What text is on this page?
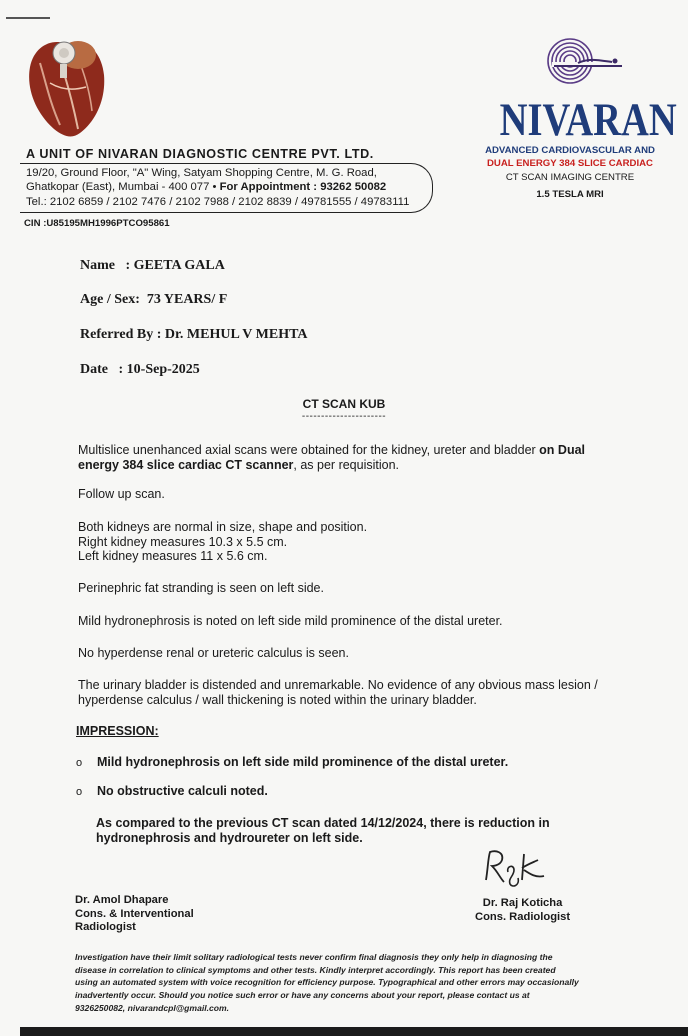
A UNIT OF NIVARAN DIAGNOSTIC CENTRE PVT. LTD.
19/20, Ground Floor, "A" Wing, Satyam Shopping Centre, M. G. Road,
Ghatkopar (East), Mumbai - 400 077 • For Appointment : 93262 50082
Tel.: 2102 6859 / 2102 7476 / 2102 7988 / 2102 8839 / 49781555 / 49783111
CIN :U85195MH1996PTCO95861
NIVARAN
ADVANCED CARDIOVASCULAR AND
DUAL ENERGY 384 SLICE CARDIAC
CT SCAN IMAGING CENTRE
1.5 TESLA MRI
Name   : GEETA GALA
Age / Sex:  73 YEARS/ F
Referred By : Dr. MEHUL V MEHTA
Date   : 10-Sep-2025
CT SCAN KUB
----------------------
Multislice unenhanced axial scans were obtained for the kidney, ureter and bladder on Dual energy 384 slice cardiac CT scanner, as per requisition.
Follow up scan.
Both kidneys are normal in size, shape and position.
Right kidney measures 10.3 x 5.5 cm.
Left kidney measures 11 x 5.6 cm.
Perinephric fat stranding is seen on left side.
Mild hydronephrosis is noted on left side mild prominence of the distal ureter.
No hyperdense renal or ureteric calculus is seen.
The urinary bladder is distended and unremarkable. No evidence of any obvious mass lesion / hyperdense calculus / wall thickening is noted within the urinary bladder.
IMPRESSION:
o Mild hydronephrosis on left side mild prominence of the distal ureter.
o No obstructive calculi noted.
As compared to the previous CT scan dated 14/12/2024, there is reduction in hydronephrosis and hydroureter on left side.
Dr. Amol Dhapare
Cons. & Interventional
Radiologist
Dr. Raj Koticha
Cons. Radiologist
Investigation have their limit solitary radiological tests never confirm final diagnosis they only help in diagnosing the disease in correlation to clinical symptoms and other tests. Kindly interpret accordingly. This report has been created using an automated system with voice recognition for efficiency purpose. Typographical and other errors may occasionally inadvertently occur. Should you notice such error or have any concerns about your report, please contact us at 9326250082, nivarandcpl@gmail.com.
